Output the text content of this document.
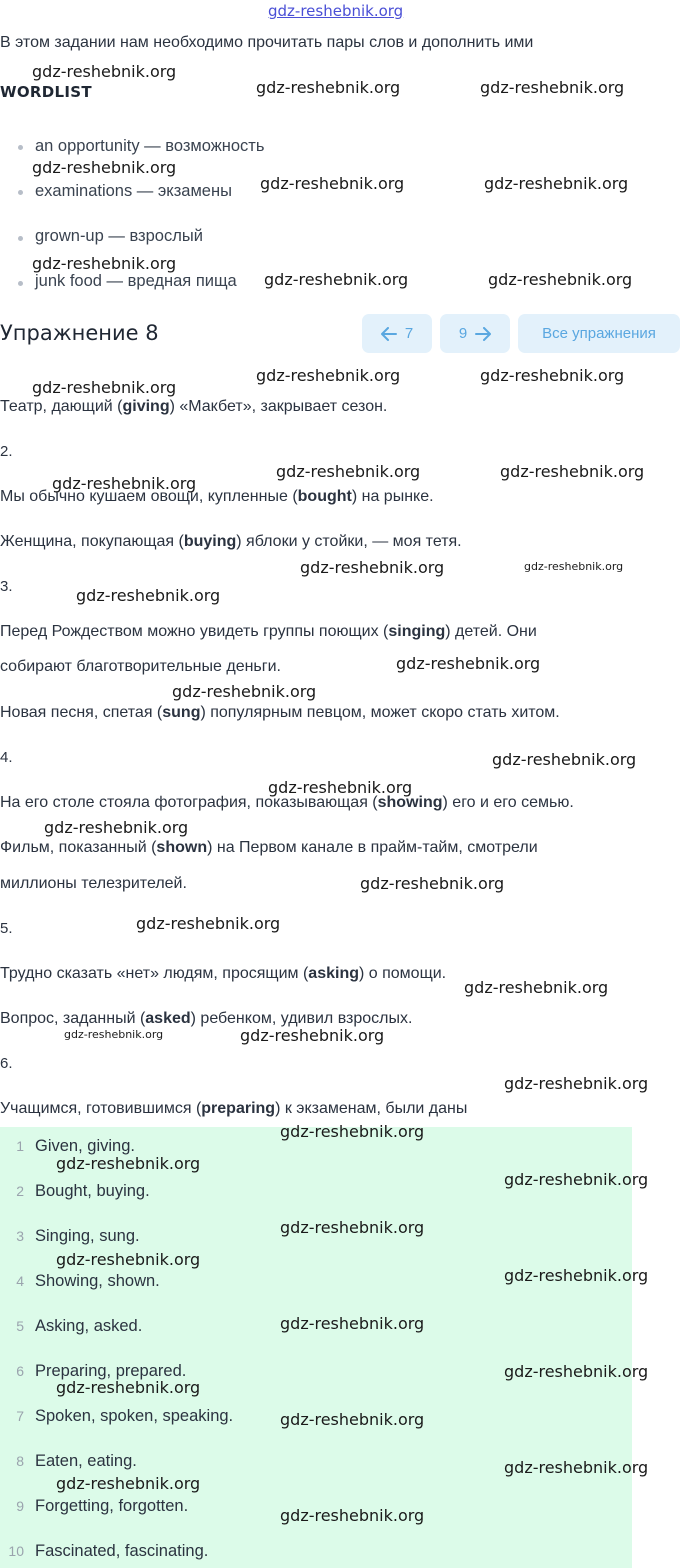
gdz-reshebnik.org
В этом задании нам необходимо прочитать пары слов и дополнить ими
WORDLIST
an opportunity — возможность
examinations — экзамены
grown-up — взрослый
junk food — вредная пища
Упражнение 8	7	9	Все упражнения
Театр, дающий (giving) «Макбет», закрывает сезон.
2.
Мы обычно кушаем овощи, купленные (bought) на рынке.
Женщина, покупающая (buying) яблоки у стойки, — моя тетя.
3.
Перед Рождеством можно увидеть группы поющих (singing) детей. Они
собирают благотворительные деньги.
Новая песня, спетая (sung) популярным певцом, может скоро стать хитом.
4.
На его столе стояла фотография, показывающая (showing) его и его семью.
Фильм, показанный (shown) на Первом канале в прайм-тайм, смотрели
миллионы телезрителей.
5.
Трудно сказать «нет» людям, просящим (asking) о помощи.
Вопрос, заданный (asked) ребенком, удивил взрослых.
6.
Учащимся, готовившимся (preparing) к экзаменам, были даны
1 Given, giving.
2 Bought, buying.
3 Singing, sung.
4 Showing, shown.
5 Asking, asked.
6 Preparing, prepared.
7 Spoken, spoken, speaking.
8 Eaten, eating.
9 Forgetting, forgotten.
10 Fascinated, fascinating.
gdz-reshebnik.org
gdz-reshebnik.org	gdz-reshebnik.org
gdz-reshebnik.org
gdz-reshebnik.org	gdz-reshebnik.org
gdz-reshebnik.org
gdz-reshebnik.org	gdz-reshebnik.org
gdz-reshebnik.org
gdz-reshebnik.org	gdz-reshebnik.org
gdz-reshebnik.org
gdz-reshebnik.org	gdz-reshebnik.org
gdz-reshebnik.org	gdz-reshebnik.org
gdz-reshebnik.org
gdz-reshebnik.org
gdz-reshebnik.org
gdz-reshebnik.org
gdz-reshebnik.org
gdz-reshebnik.org
gdz-reshebnik.org
gdz-reshebnik.org
gdz-reshebnik.org
gdz-reshebnik.org	gdz-reshebnik.org
gdz-reshebnik.org
gdz-reshebnik.org
gdz-reshebnik.org
gdz-reshebnik.org
gdz-reshebnik.org
gdz-reshebnik.org
gdz-reshebnik.org
gdz-reshebnik.org
gdz-reshebnik.org
gdz-reshebnik.org
gdz-reshebnik.org
gdz-reshebnik.org
gdz-reshebnik.org
gdz-reshebnik.org
